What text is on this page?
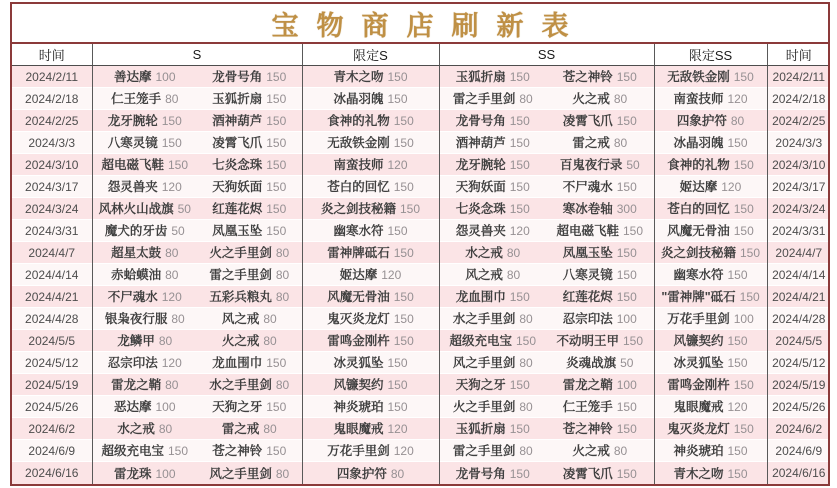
宝物商店刷新表
时间	S		限定S	SS		限定SS	时间
2024/2/11	善达摩 100	龙骨号角 150	青木之吻 150	玉狐折扇 150	苍之神铃 150	无敌铁金刚 150	2024/2/11
2024/2/18	仁王笼手 80	玉狐折扇 150	冰晶羽魄 150	雷之手里剑 80	火之戒 80	南蛮技师 120	2024/2/18
2024/2/25	龙牙腕轮 150	酒神葫芦 150	食神的礼物 150	龙骨号角 150	凌霄飞爪 150	四象护符 80	2024/2/25
2024/3/3	八寒灵镜 150	凌霄飞爪 150	无敌铁金刚 150	酒神葫芦 150	雷之戒 80	冰晶羽魄 150	2024/3/3
2024/3/10	超电磁飞鞋 150	七炎念珠 150	南蛮技师 120	龙牙腕轮 150	百鬼夜行录 50	食神的礼物 150	2024/3/10
2024/3/17	怨灵兽夹 120	天狗妖面 150	苍白的回忆 150	天狗妖面 150	不尸魂水 150	姬达摩 120	2024/3/17
2024/3/24	风林火山战旗 50	红莲花烬 150	炎之剑技秘籍 150	七炎念珠 150	寒冰卷轴 300	苍白的回忆 150	2024/3/24
2024/3/31	魔犬的牙齿 50	凤凰玉坠 150	幽寒水符 150	怨灵兽夹 120	超电磁飞鞋 150	风魔无骨油 150	2024/3/31
2024/4/7	超星太鼓 80	火之手里剑 80	雷神牌砥石 150	水之戒 80	凤凰玉坠 150	炎之剑技秘籍 150	2024/4/7
2024/4/14	赤蛤蟆油 80	雷之手里剑 80	姬达摩 120	风之戒 80	八寒灵镜 150	幽寒水符 150	2024/4/14
2024/4/21	不尸魂水 120	五彩兵粮丸 80	风魔无骨油 150	龙血围巾 150	红莲花烬 150	"雷神牌"砥石 150	2024/4/21
2024/4/28	银枭夜行服 80	风之戒 80	鬼灭炎龙灯 150	水之手里剑 80	忍宗印法 100	万花手里剑 100	2024/4/28
2024/5/5	龙鳞甲 80	火之戒 80	雷鸣金刚杵 150	超级充电宝 150	不动明王甲 150	风镰契约 150	2024/5/5
2024/5/12	忍宗印法 120	龙血围巾 150	冰灵狐坠 150	风之手里剑 80	炎魂战旗 50	冰灵狐坠 150	2024/5/12
2024/5/19	雷龙之鞘 80	水之手里剑 80	风镰契约 150	天狗之牙 150	雷龙之鞘 100	雷鸣金刚杵 150	2024/5/19
2024/5/26	恶达摩 100	天狗之牙 150	神炎琥珀 150	火之手里剑 80	仁王笼手 150	鬼眼魔戒 120	2024/5/26
2024/6/2	水之戒 80	雷之戒 80	鬼眼魔戒 120	玉狐折扇 150	苍之神铃 150	鬼灭炎龙灯 150	2024/6/2
2024/6/9	超级充电宝 150	苍之神铃 150	万花手里剑 120	雷之手里剑 80	火之戒 80	神炎琥珀 150	2024/6/9
2024/6/16	雷龙珠 100	风之手里剑 80	四象护符 80	龙骨号角 150	凌霄飞爪 150	青木之吻 150	2024/6/16
